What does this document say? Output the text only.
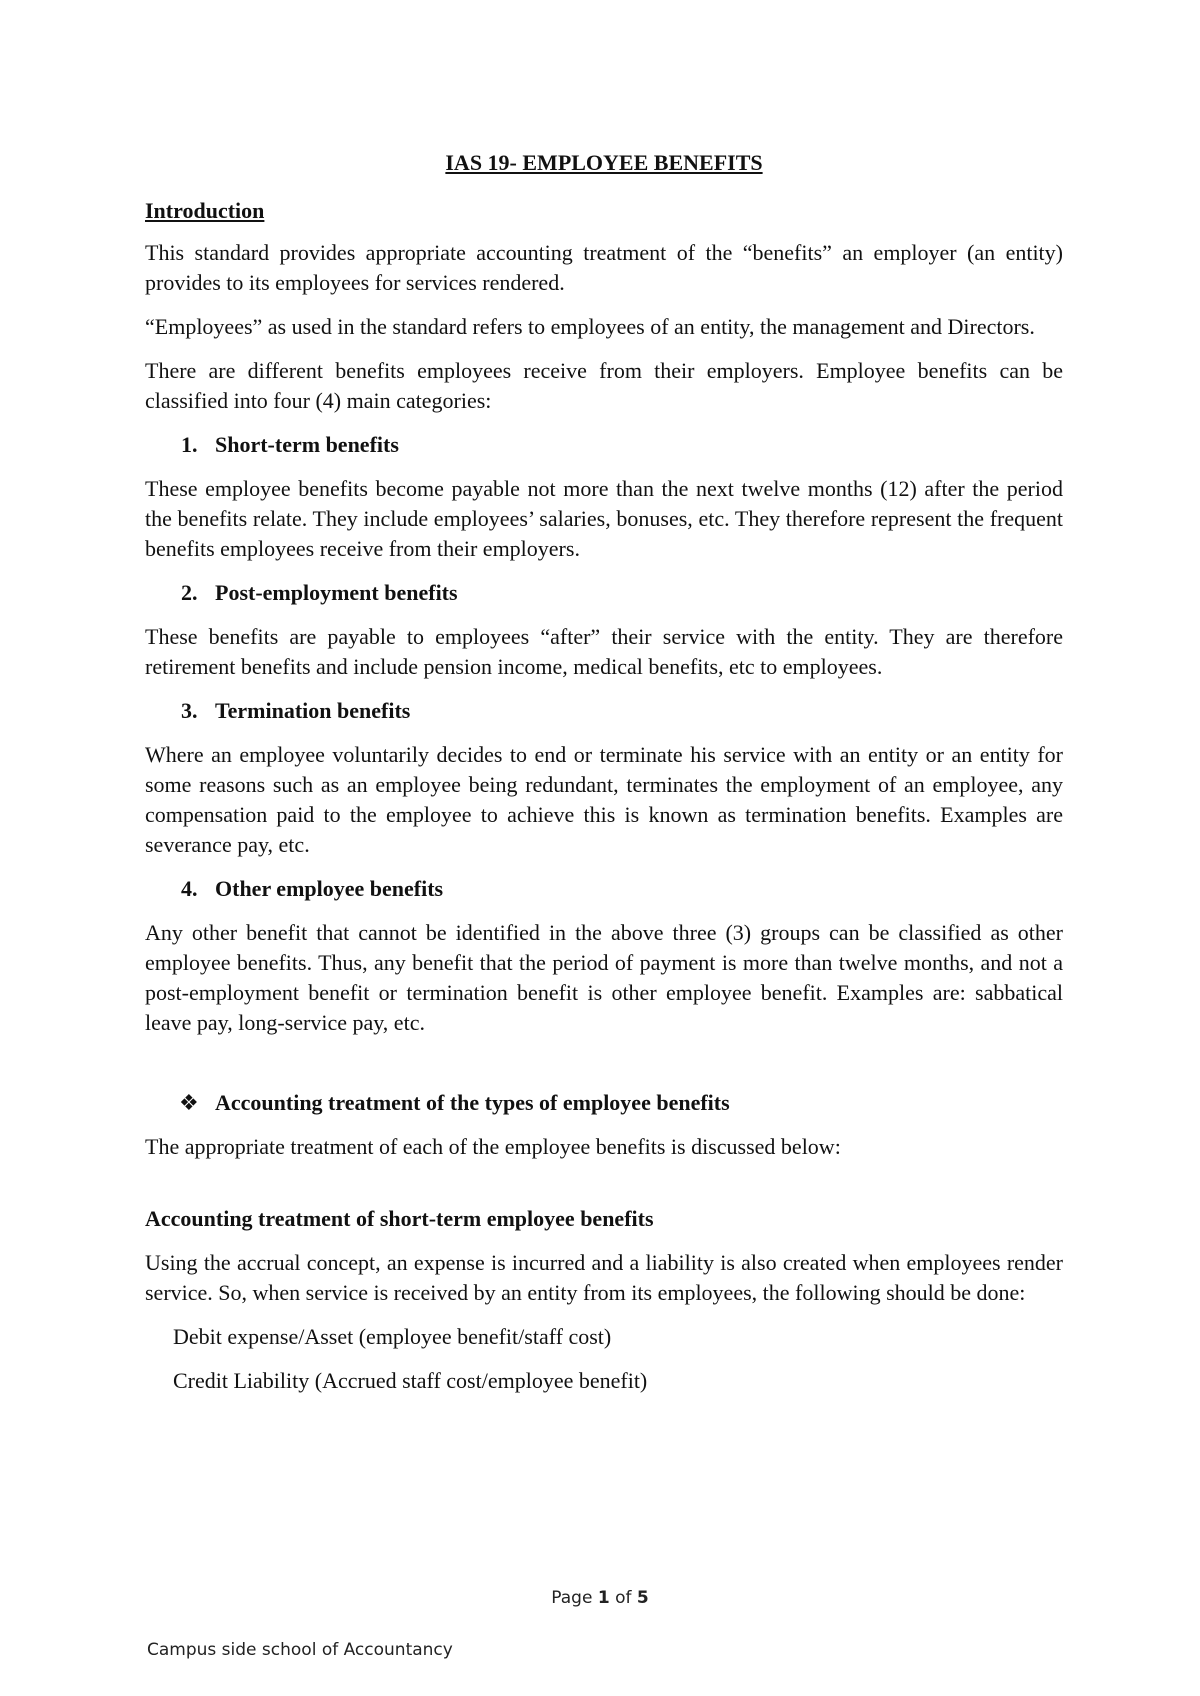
IAS 19- EMPLOYEE BENEFITS
Introduction

This standard provides appropriate accounting treatment of the “benefits” an employer (an entity) provides to its employees for services rendered.

“Employees” as used in the standard refers to employees of an entity, the management and Directors.

There are different benefits employees receive from their employers. Employee benefits can be classified into four (4) main categories:

1. Short-term benefits

These employee benefits become payable not more than the next twelve months (12) after the period the benefits relate. They include employees’ salaries, bonuses, etc. They therefore represent the frequent benefits employees receive from their employers.

2. Post-employment benefits

These benefits are payable to employees “after” their service with the entity. They are therefore retirement benefits and include pension income, medical benefits, etc to employees.

3. Termination benefits

Where an employee voluntarily decides to end or terminate his service with an entity or an entity for some reasons such as an employee being redundant, terminates the employment of an employee, any compensation paid to the employee to achieve this is known as termination benefits. Examples are severance pay, etc.

4. Other employee benefits

Any other benefit that cannot be identified in the above three (3) groups can be classified as other employee benefits. Thus, any benefit that the period of payment is more than twelve months, and not a post-employment benefit or termination benefit is other employee benefit. Examples are: sabbatical leave pay, long-service pay, etc.

❖ Accounting treatment of the types of employee benefits

The appropriate treatment of each of the employee benefits is discussed below:

Accounting treatment of short-term employee benefits

Using the accrual concept, an expense is incurred and a liability is also created when employees render service. So, when service is received by an entity from its employees, the following should be done:

Debit expense/Asset (employee benefit/staff cost)
Credit Liability (Accrued staff cost/employee benefit)
Page 1 of 5
Campus side school of Accountancy
